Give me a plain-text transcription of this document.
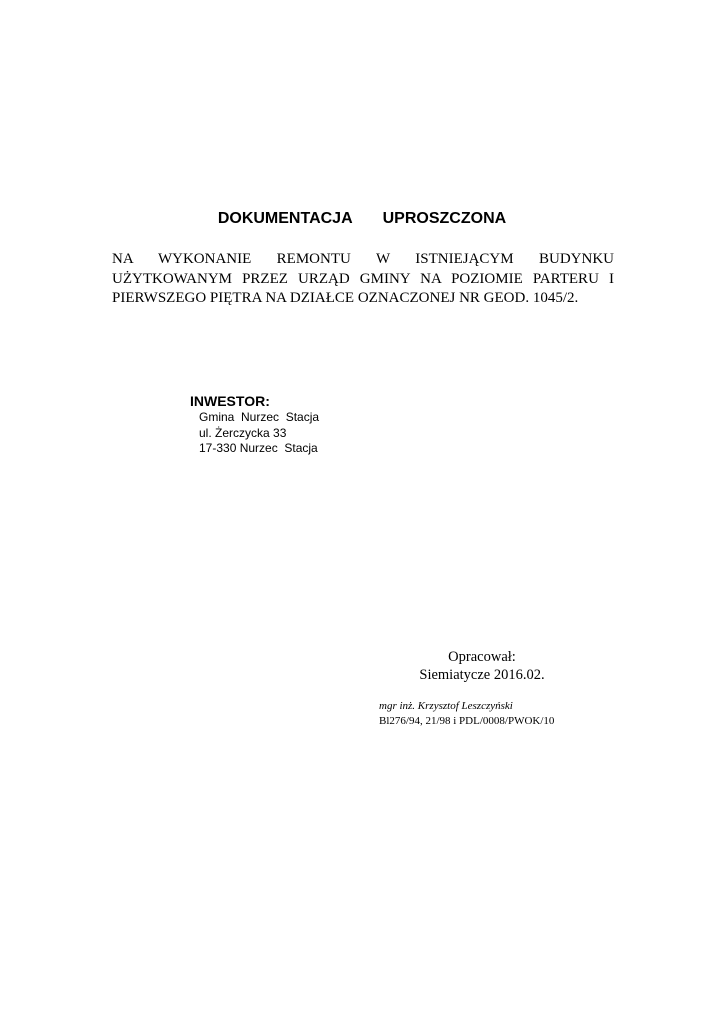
DOKUMENTACJA UPROSZCZONA

NA WYKONANIE REMONTU W ISTNIEJĄCYM BUDYNKU
UŻYTKOWANYM PRZEZ URZĄD GMINY NA POZIOMIE PARTERU I
PIERWSZEGO PIĘTRA NA DZIAŁCE OZNACZONEJ NR GEOD. 1045/2.

INWESTOR:
Gmina  Nurzec  Stacja
ul. Żerczycka 33
17-330 Nurzec  Stacja
Opracował:
Siemiatycze 2016.02.
mgr inż. Krzysztof Leszczyński
Bl276/94, 21/98 i PDL/0008/PWOK/10
